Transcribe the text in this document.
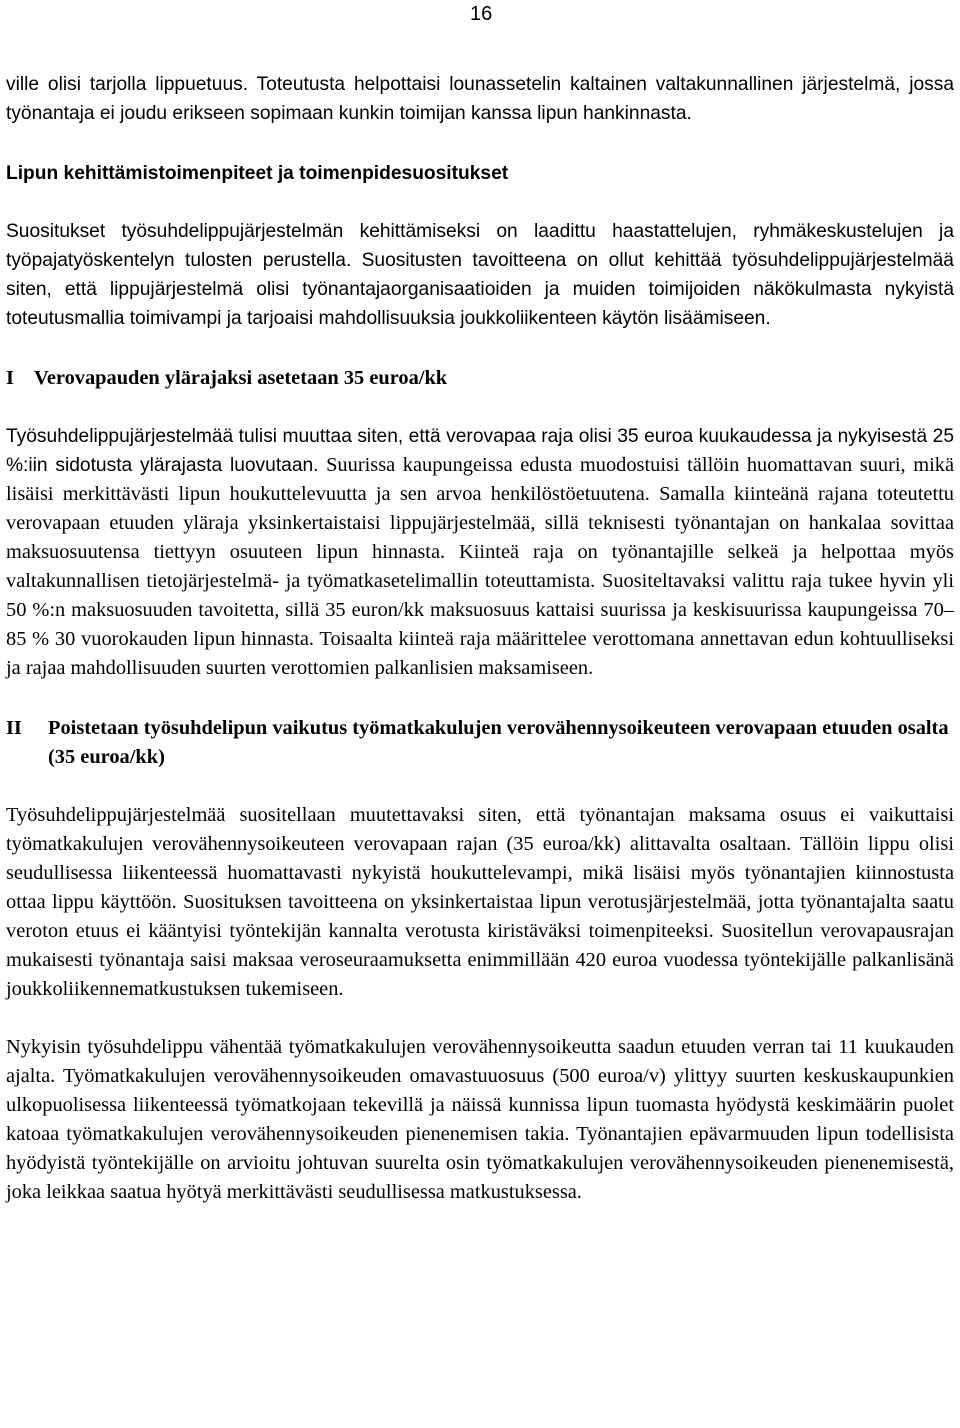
16

ville olisi tarjolla lippuetuus. Toteutusta helpottaisi lounassetelin kaltainen valtakunnallinen järjestelmä, jossa työnantaja ei joudu erikseen sopimaan kunkin toimijan kanssa lipun hankinnasta.

Lipun kehittämistoimenpiteet ja toimenpidesuositukset

Suositukset työsuhdelippujärjestelmän kehittämiseksi on laadittu haastattelujen, ryhmäkeskustelujen ja työpajatyöskentelyn tulosten perustella. Suositusten tavoitteena on ollut kehittää työsuhdelippujärjestelmää siten, että lippujärjestelmä olisi työnantajaorganisaatioiden ja muiden toimijoiden näkökulmasta nykyistä toteutusmallia toimivampi ja tarjoaisi mahdollisuuksia joukkoliikenteen käytön lisäämiseen.

I Verovapauden ylärajaksi asetetaan 35 euroa/kk

Työsuhdelippujärjestelmää tulisi muuttaa siten, että verovapaa raja olisi 35 euroa kuukaudessa ja nykyisestä 25 %:iin sidotusta ylärajasta luovutaan. Suurissa kaupungeissa edusta muodostuisi tällöin huomattavan suuri, mikä lisäisi merkittävästi lipun houkuttelevuutta ja sen arvoa henkilöstöetuutena. Samalla kiinteänä rajana toteutettu verovapaan etuuden yläraja yksinkertaistaisi lippujärjestelmää, sillä teknisesti työnantajan on hankalaa sovittaa maksuosuutensa tiettyyn osuuteen lipun hinnasta. Kiinteä raja on työnantajille selkeä ja helpottaa myös valtakunnallisen tietojärjestelmä- ja työmatkasetelimallin toteuttamista. Suositeltavaksi valittu raja tukee hyvin yli 50 %:n maksuosuuden tavoitetta, sillä 35 euron/kk maksuosuus kattaisi suurissa ja keskisuurissa kaupungeissa 70–85 % 30 vuorokauden lipun hinnasta. Toisaalta kiinteä raja määrittelee verottomana annettavan edun kohtuulliseksi ja rajaa mahdollisuuden suurten verottomien palkanlisien maksamiseen.

II	Poistetaan työsuhdelipun vaikutus työmatkakulujen verovähennysoikeuteen verovapaan etuuden osalta (35 euroa/kk)

Työsuhdelippujärjestelmää suositellaan muutettavaksi siten, että työnantajan maksama osuus ei vaikuttaisi työmatkakulujen verovähennysoikeuteen verovapaan rajan (35 euroa/kk) alittavalta osaltaan. Tällöin lippu olisi seudullisessa liikenteessä huomattavasti nykyistä houkuttelevampi, mikä lisäisi myös työnantajien kiinnostusta ottaa lippu käyttöön. Suosituksen tavoitteena on yksinkertaistaa lipun verotusjärjestelmää, jotta työnantajalta saatu veroton etuus ei kääntyisi työntekijän kannalta verotusta kiristäväksi toimenpiteeksi. Suositellun verovapausrajan mukaisesti työnantaja saisi maksaa veroseuraamuksetta enimmillään 420 euroa vuodessa työntekijälle palkanlisänä joukkoliikennematkustuksen tukemiseen.

Nykyisin työsuhdelippu vähentää työmatkakulujen verovähennysoikeutta saadun etuuden verran tai 11 kuukauden ajalta. Työmatkakulujen verovähennysoikeuden omavastuuosuus (500 euroa/v) ylittyy suurten keskuskaupunkien ulkopuolisessa liikenteessä työmatkojaan tekevillä ja näissä kunnissa lipun tuomasta hyödystä keskimäärin puolet katoaa työmatkakulujen verovähennysoikeuden pienenemisen takia. Työnantajien epävarmuuden lipun todellisista hyödyistä työntekijälle on arvioitu johtuvan suurelta osin työmatkakulujen verovähennysoikeuden pienenemisestä, joka leikkaa saatua hyötyä merkittävästi seudullisessa matkustuksessa.
